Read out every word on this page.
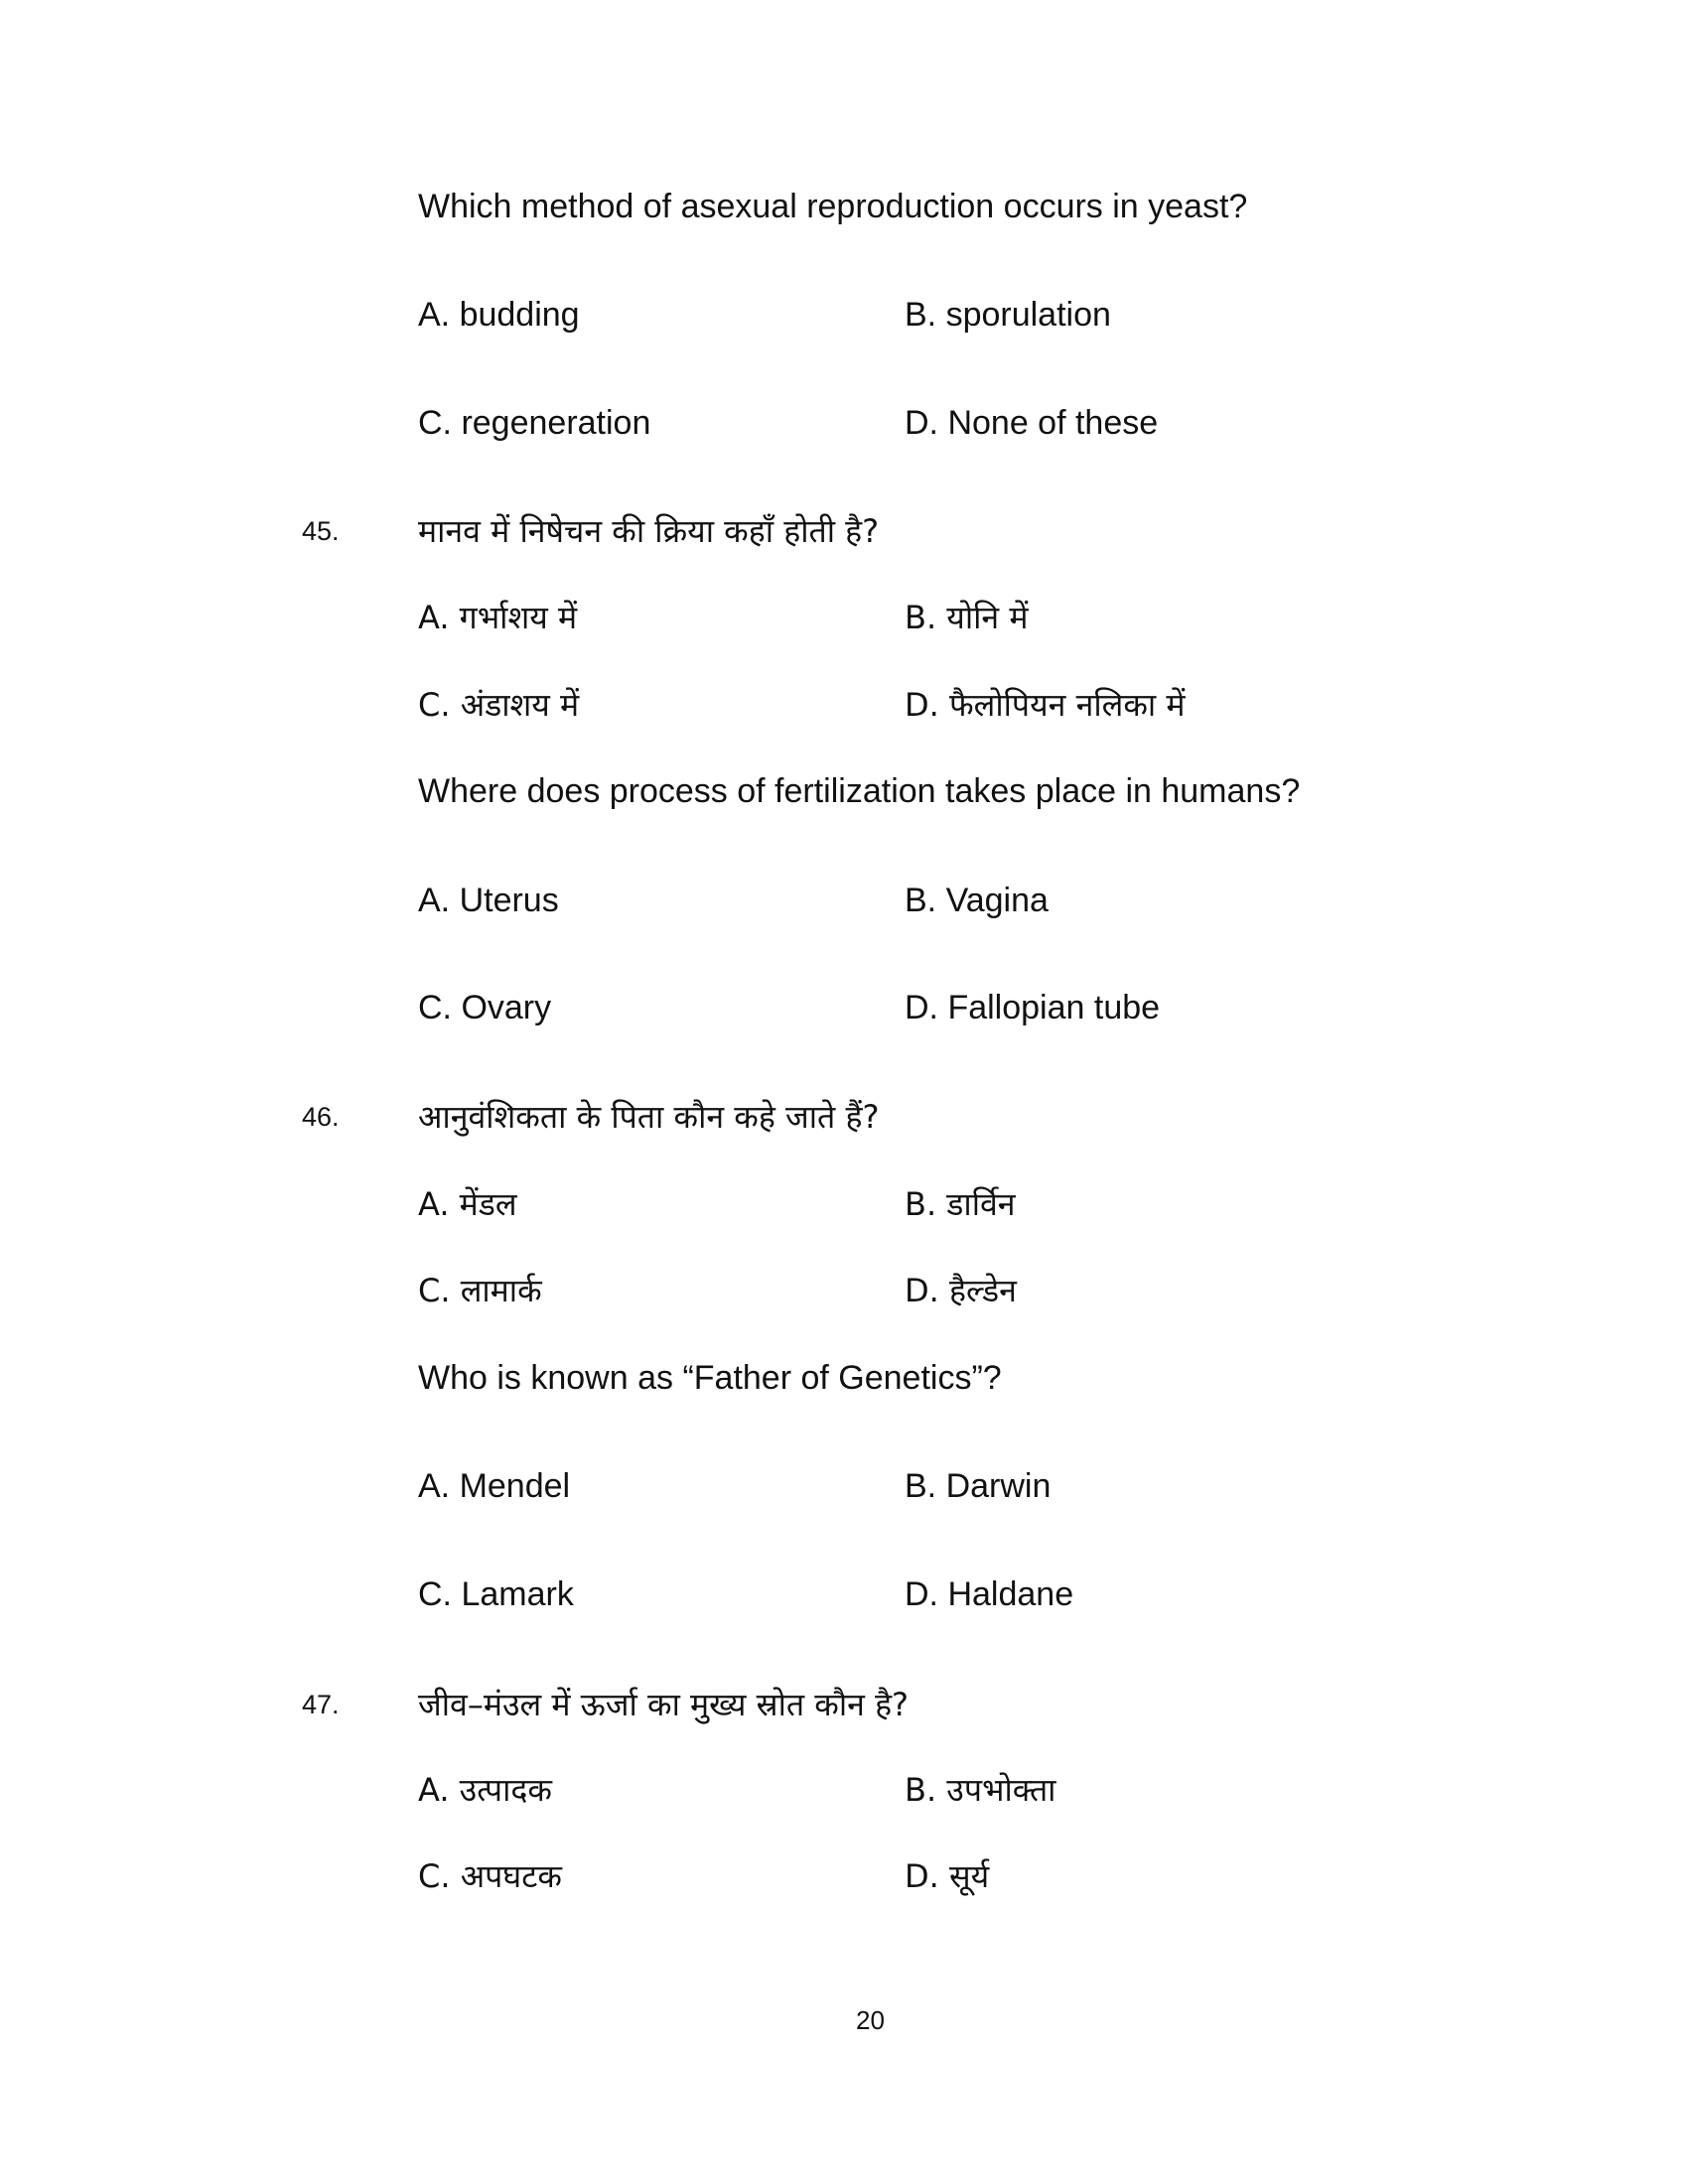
Which method of asexual reproduction occurs in yeast?
A. budding	B. sporulation
C. regeneration	D. None of these
45. मानव में निषेचन की क्रिया कहाँ होती है?
A. गर्भाशय में	B. योनि में
C. अंडाशय में	D. फैलोपियन नलिका में
Where does process of fertilization takes place in humans?
A. Uterus	B. Vagina
C. Ovary	D. Fallopian tube
46. आनुवंशिकता के पिता कौन कहे जाते हैं?
A. मेंडल	B. डार्विन
C. लामार्क	D. हैल्डेन
Who is known as “Father of Genetics”?
A. Mendel	B. Darwin
C. Lamark	D. Haldane
47. जीव–मंउल में ऊर्जा का मुख्य स्रोत कौन है?
A. उत्पादक	B. उपभोक्ता
C. अपघटक	D. सूर्य
20
